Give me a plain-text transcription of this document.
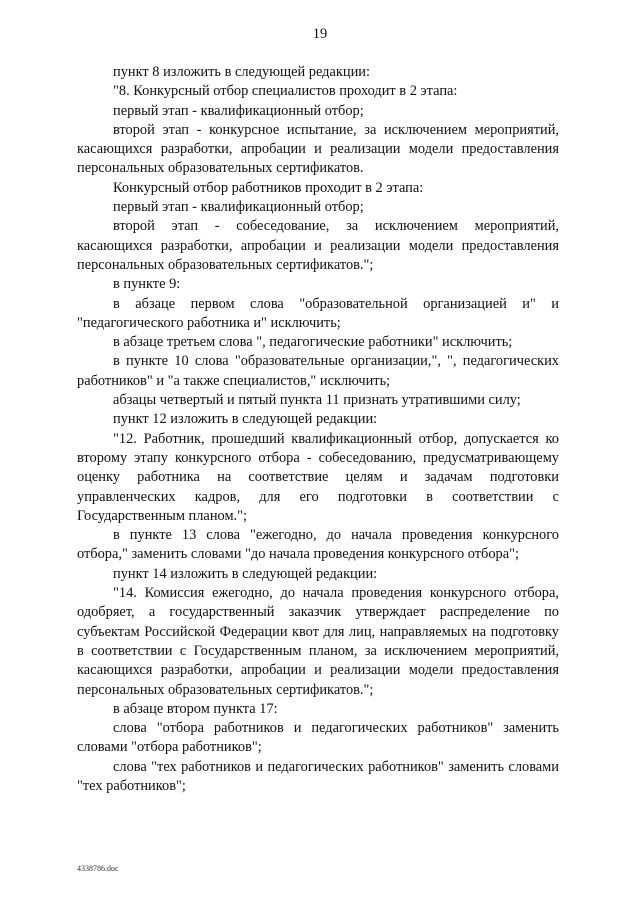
19

пункт 8 изложить в следующей редакции:

"8. Конкурсный отбор специалистов проходит в 2 этапа:

первый этап - квалификационный отбор;

второй этап - конкурсное испытание, за исключением мероприятий, касающихся разработки, апробации и реализации модели предоставления персональных образовательных сертификатов.

Конкурсный отбор работников проходит в 2 этапа:

первый этап - квалификационный отбор;

второй этап - собеседование, за исключением мероприятий, касающихся разработки, апробации и реализации модели предоставления персональных образовательных сертификатов.";

в пункте 9:

в абзаце первом слова "образовательной организацией и" и "педагогического работника и" исключить;

в абзаце третьем слова ", педагогические работники" исключить;

в пункте 10 слова "образовательные организации,", ", педагогических работников" и "а также специалистов," исключить;

абзацы четвертый и пятый пункта 11 признать утратившими силу;

пункт 12 изложить в следующей редакции:

"12. Работник, прошедший квалификационный отбор, допускается ко второму этапу конкурсного отбора - собеседованию, предусматривающему оценку работника на соответствие целям и задачам подготовки управленческих кадров, для его подготовки в соответствии с Государственным планом.";

в пункте 13 слова "ежегодно, до начала проведения конкурсного отбора," заменить словами "до начала проведения конкурсного отбора";

пункт 14 изложить в следующей редакции:

"14. Комиссия ежегодно, до начала проведения конкурсного отбора, одобряет, а государственный заказчик утверждает распределение по субъектам Российской Федерации квот для лиц, направляемых на подготовку в соответствии с Государственным планом, за исключением мероприятий, касающихся разработки, апробации и реализации модели предоставления персональных образовательных сертификатов.";

в абзаце втором пункта 17:

слова "отбора работников и педагогических работников" заменить словами "отбора работников";

слова "тех работников и педагогических работников" заменить словами "тех работников";

4338786.doc
